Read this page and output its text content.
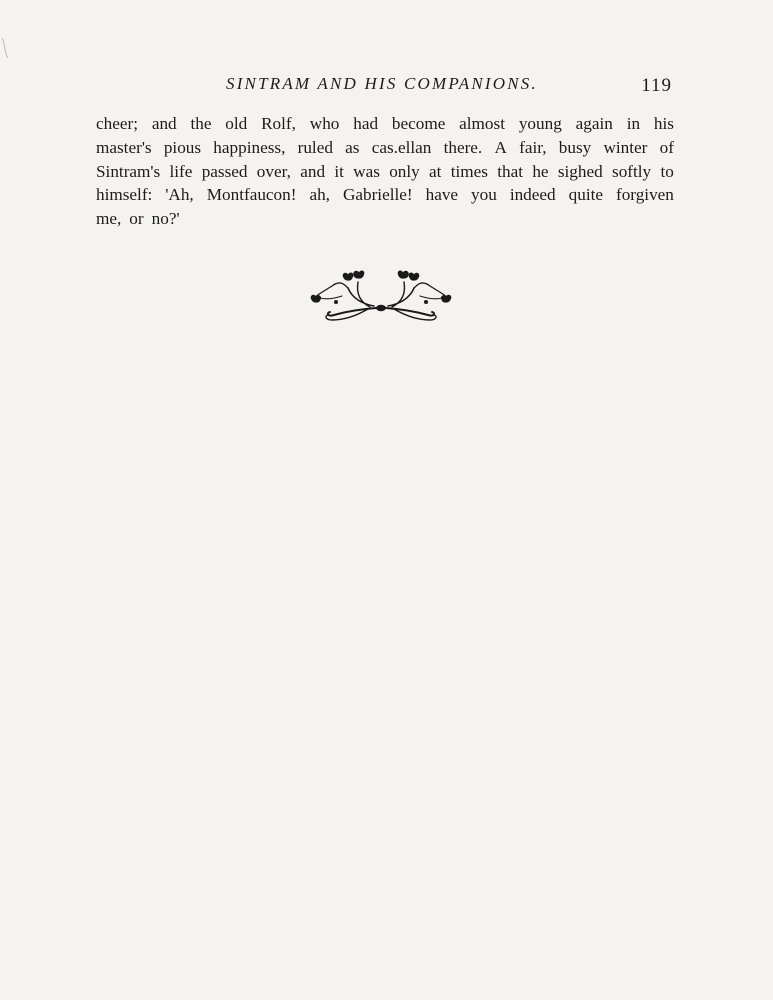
SINTRAM AND HIS COMPANIONS.	119
cheer; and the old Rolf, who had become almost young again in his
master's pious happiness, ruled as cas.ellan there. A fair, busy winter of
Sintram's life passed over, and it was only at times that he sighed softly to
himself: 'Ah, Montfaucon! ah, Gabrielle! have you indeed quite forgiven
me, or no?'
